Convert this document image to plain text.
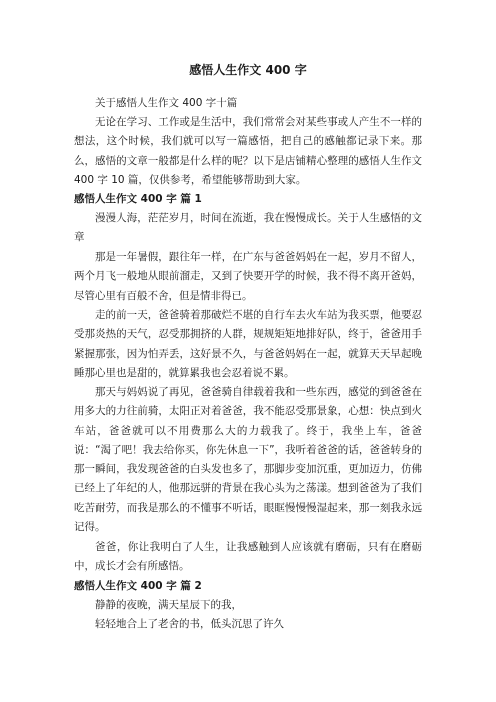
感悟人生作文 400 字

关于感悟人生作文 400 字十篇

无论在学习、工作或是生活中，我们常常会对某些事或人产生不一样的想法，这个时候，我们就可以写一篇感悟，把自己的感触都记录下来。那么，感悟的文章一般都是什么样的呢？以下是店铺精心整理的感悟人生作文 400 字 10 篇，仅供参考，希望能够帮助到大家。

感悟人生作文 400 字 篇 1

漫漫人海，茫茫岁月，时间在流逝，我在慢慢成长。关于人生感悟的文章

那是一年暑假，跟往年一样，在广东与爸爸妈妈在一起，岁月不留人，两个月飞一般地从眼前溜走，又到了快要开学的时候，我不得不离开爸妈，尽管心里有百般不舍，但是情非得已。

走的前一天，爸爸骑着那破烂不堪的自行车去火车站为我买票，他要忍受那炎热的天气，忍受那拥挤的人群，规规矩矩地排好队，终于，爸爸用手紧握那张，因为怕弄丢，这好景不久，与爸爸妈妈在一起，就算天天早起晚睡那心里也是甜的，就算累我也会忍着说不累。

那天与妈妈说了再见，爸爸骑自律载着我和一些东西，感觉的到爸爸在用多大的力往前骑，太阳正对着爸爸，我不能忍受那景象，心想：快点到火车站，爸爸就可以不用费那么大的力载我了。终于，我坐上车，爸爸说：“渴了吧！我去给你买，你先休息一下”，我听着爸爸的话，爸爸转身的那一瞬间，我发现爸爸的白头发也多了，那脚步变加沉重，更加迈力，仿佛已经上了年纪的人，他那远骈的背景在我心头为之荡漾。想到爸爸为了我们吃苦耐劳，而我是那么的不懂事不听话，眼眶慢慢慢湿起来，那一刻我永远记得。

爸爸，你让我明白了人生，让我感触到人应该就有磨砺，只有在磨砺中，成长才会有所感悟。

感悟人生作文 400 字 篇 2

静静的夜晚，满天星辰下的我，

轻轻地合上了老舍的书，低头沉思了许久
